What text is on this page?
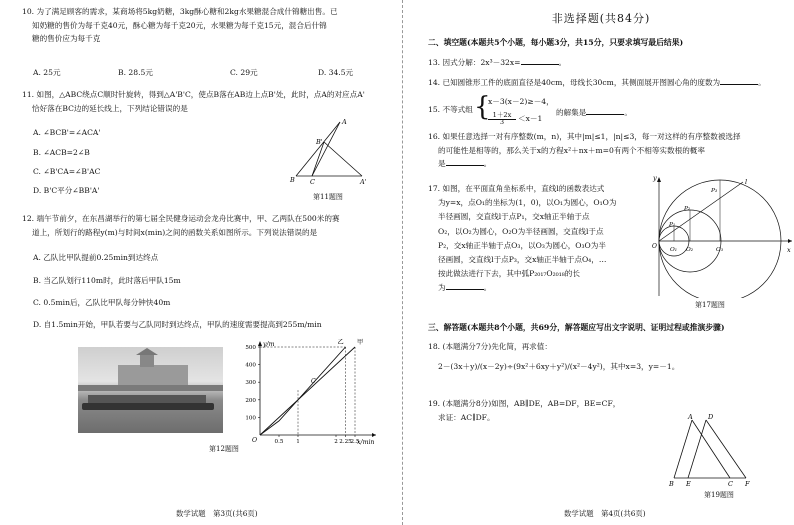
10. 为了满足顾客的需求，某商场将5kg奶糖，3kg酥心糖和2kg水果糖混合成什锦糖出售。已
知奶糖的售价为每千克40元，酥心糖为每千克20元，水果糖为每千克15元，混合后什锦
糖的售价应为每千克
A. 25元	B. 28.5元	C. 29元	D. 34.5元
11. 如图，△ABC绕点C顺时针旋转，得到△A'B'C，使点B落在AB边上点B'处，此时，点A的对应点A'
恰好落在BC边的延长线上，下列结论错误的是
A. ∠BCB'=∠ACA'
B. ∠ACB=2∠B
C. ∠B'CA=∠B'AC
D. B'C平分∠BB'A'
A
B'
B C	A'
第11题图
12. 端午节前夕，在东昌湖举行的第七届全民健身运动会龙舟比赛中，甲、乙两队在500米的赛
道上，所划行的路程y(m)与时间x(min)之间的函数关系如图所示。下列说法错误的是
A. 乙队比甲队提前0.25min到达终点
B. 当乙队划行110m时，此时落后甲队15m
C. 0.5min后，乙队比甲队每分钟快40m
D. 自1.5min开始，甲队若要与乙队同时到达终点，甲队的速度需要提高到255m/min
500
400
300
200
100
0.5 1	2 2.25
2.5
甲
乙
C
y/m
x/min
O
第12题图
数学试题　第3页(共6页)
非选择题(共84分)
二、填空题(本题共5个小题，每小题3分，共15分，只要求填写最后结果)
13. 因式分解：2x³－32x=	。
14. 已知圆锥形工件的底面直径是40cm，母线长30cm，其侧面展开图圆心角的度数为	。
15. 不等式组 {
x－3(x－2)≥－4，
1＋2x
3	＜x－1
的解集是	。
16. 如果任意选择一对有序整数(m，n)，其中|m|≤1，|n|≤3，每一对这样的有序整数被选择
的可能性是相等的，那么关于x的方程x²＋nx＋m=0有两个不相等实数根的概率
是	。
17. 如图，在平面直角坐标系中，直线l的函数表达式
为y=x，点O₁的坐标为(1，0)，以O₁为圆心，O₁O为
半径画圆，交直线l于点P₁，交x轴正半轴于点
O₂，以O₂为圆心，O₂O为半径画圆，交直线l于点
P₂，交x轴正半轴于点O₃，以O₃为圆心，O₃O为半
径画圆，交直线l于点P₃，交x轴正半轴于点O₄，…
按此做法进行下去，其中弧P₂₀₁₇O₂₀₁₈的长
为	。
y
x
l
O O₁ O₂	O₃
P₁
P₂
P₃
第17题图
三、解答题(本题共8个小题，共69分，解答题应写出文字说明、证明过程或推演步骤)
18. (本题满分7分)先化简，再求值：
2－(3x＋y)/(x－2y)÷(9x²＋6xy＋y²)/(x²－4y²)，其中x=3，y=－1。
19. (本题满分8分)如图，AB∥DE，AB=DF，BE=CF，
求证：AC∥DF。	A D
B E	C F
第19题图
数学试题　第4页(共6页)
